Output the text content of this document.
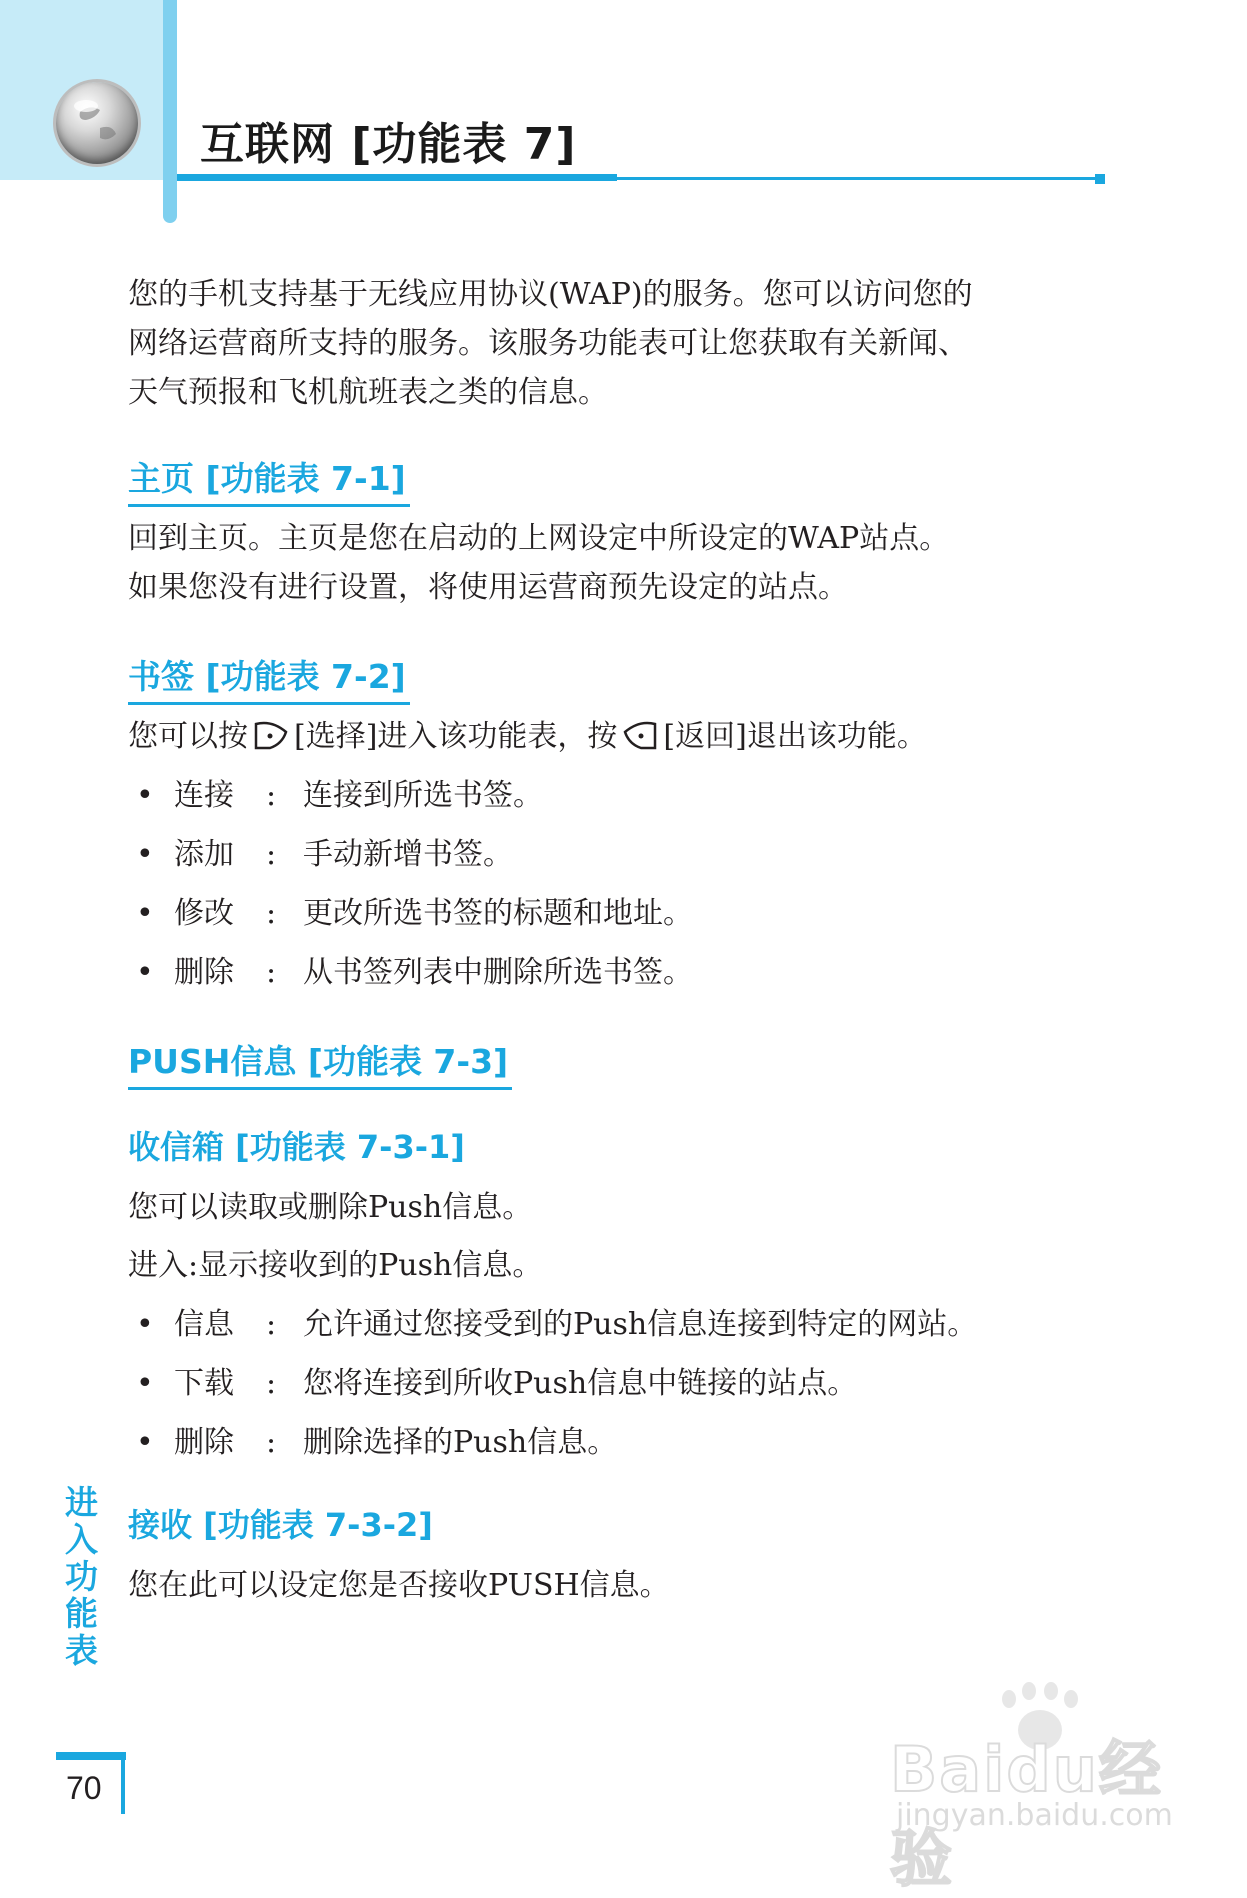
互联网 [功能表 7]

您的手机支持基于无线应用协议(WAP)的服务。您可以访问您的

网络运营商所支持的服务。该服务功能表可让您获取有关新闻、

天气预报和飞机航班表之类的信息。

主页 [功能表 7-1]

回到主页。主页是您在启动的上网设定中所设定的WAP站点。

如果您没有进行设置，将使用运营商预先设定的站点。

书签 [功能表 7-2]

您可以按 [选择]进入该功能表，按 [返回]退出该功能。

• 连接 : 连接到所选书签。
• 添加 : 手动新增书签。
• 修改 : 更改所选书签的标题和地址。
• 删除 : 从书签列表中删除所选书签。
PUSH信息 [功能表 7-3]
收信箱 [功能表 7-3-1]

您可以读取或删除Push信息。

进入:显示接收到的Push信息。

• 信息 : 允许通过您接受到的Push信息连接到特定的网站。
• 下载 : 您将连接到所收Push信息中链接的站点。
• 删除 : 删除选择的Push信息。
接收 [功能表 7-3-2]

您在此可以设定您是否接收PUSH信息。

进入功能表
70	Baidu经验
jingyan.baidu.com
